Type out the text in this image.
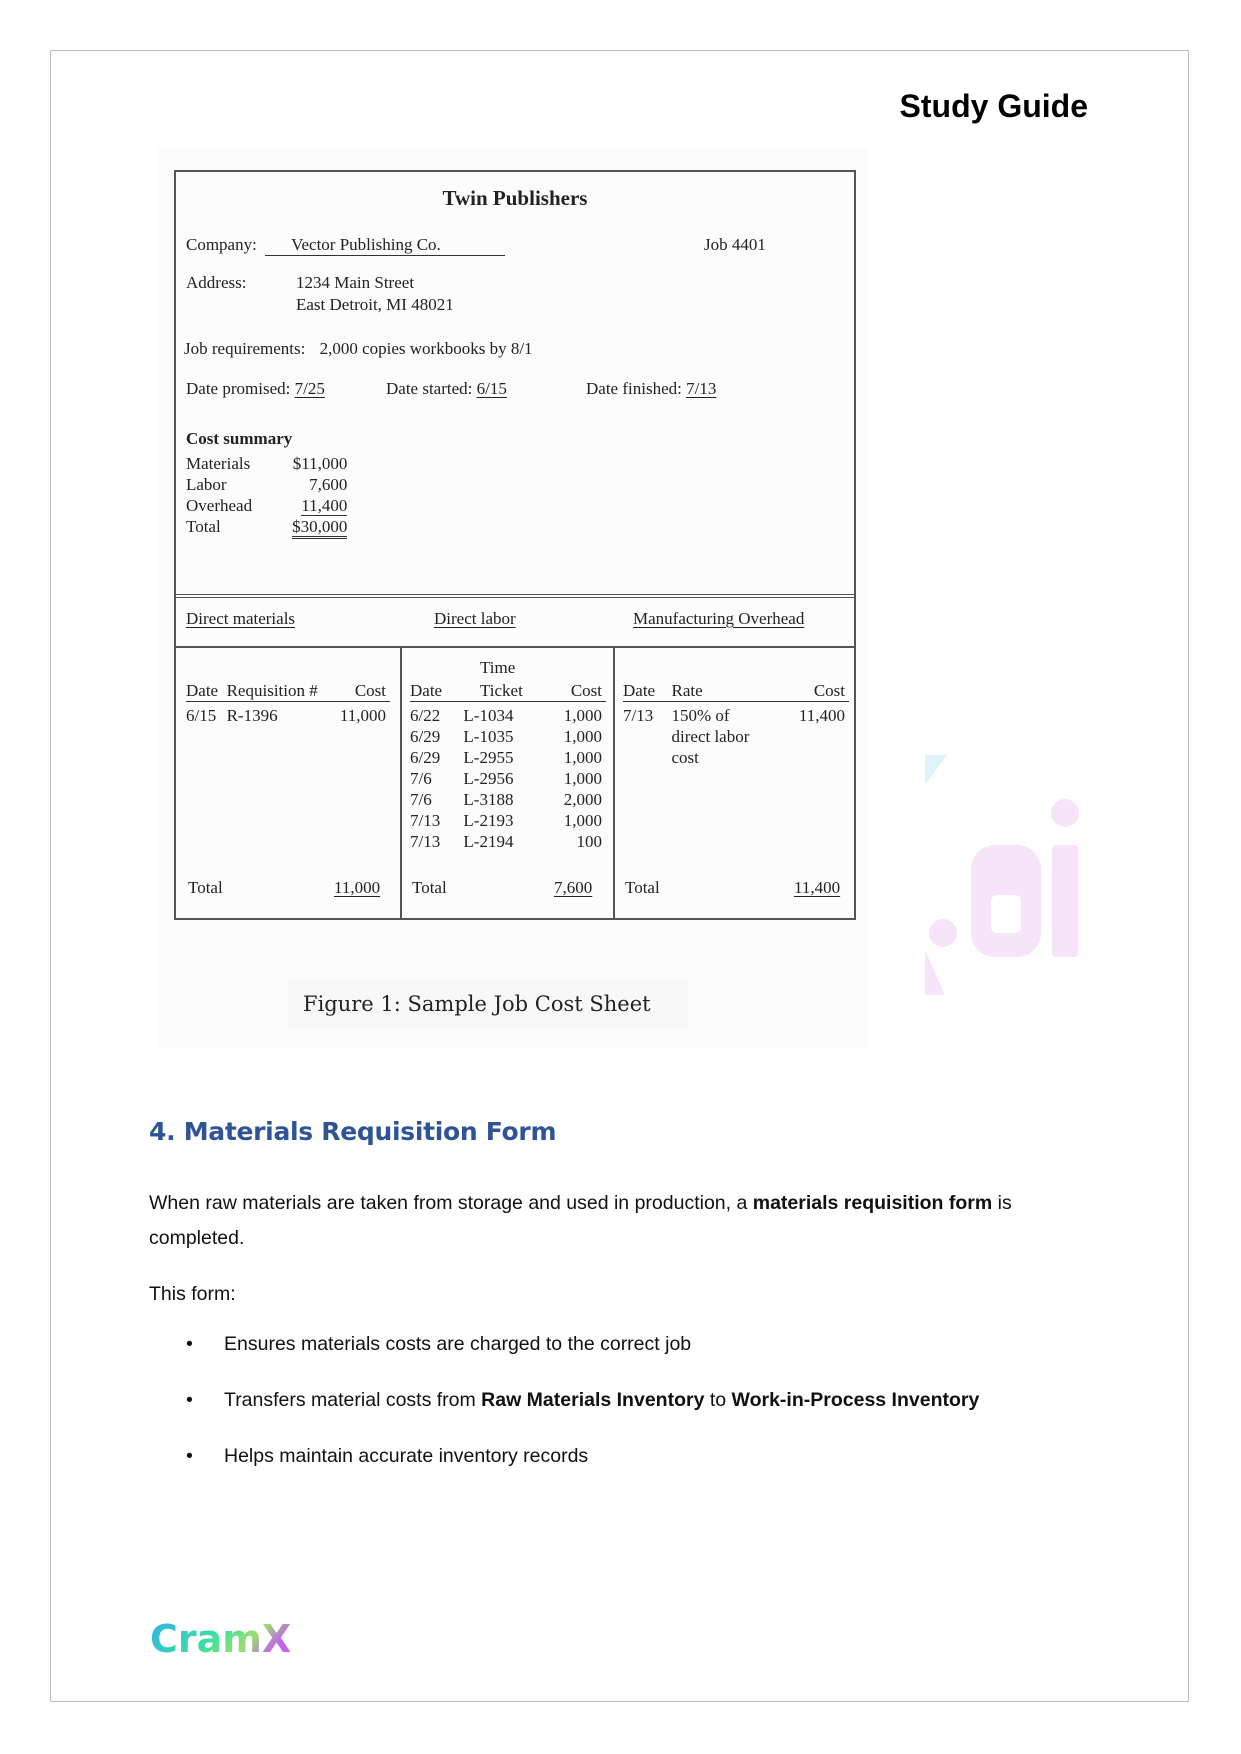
Study Guide
Twin Publishers
Company: Vector Publishing Co.	Job 4401
Address:	1234 Main Street
East Detroit, MI 48021
Job requirements: 2,000 copies workbooks by 8/1
Date promised: 7/25	Date started: 6/15	Date finished: 7/13
Cost summary
Materials	$11,000
Labor	7,600
Overhead	11,400
Total	$30,000
Direct materials	Direct labor	Manufacturing Overhead
Date	Requisition #	Cost
6/15	R-1396	11,000
Total	11,000
Time
Date	Ticket	Cost
6/22	L-1034	1,000
6/29	L-1035	1,000
6/29	L-2955	1,000
7/6	L-2956	1,000
7/6	L-3188	2,000
7/13	L-2193	1,000
7/13	L-2194	100
Total	7,600
Date	Rate	Cost
7/13	150% of
direct labor
cost	11,400
Total	11,400
Figure 1: Sample Job Cost Sheet
4. Materials Requisition Form
When raw materials are taken from storage and used in production, a materials requisition form is completed.
This form:
• Ensures materials costs are charged to the correct job
• Transfers material costs from Raw Materials Inventory to Work-in-Process Inventory
• Helps maintain accurate inventory records
CramX
